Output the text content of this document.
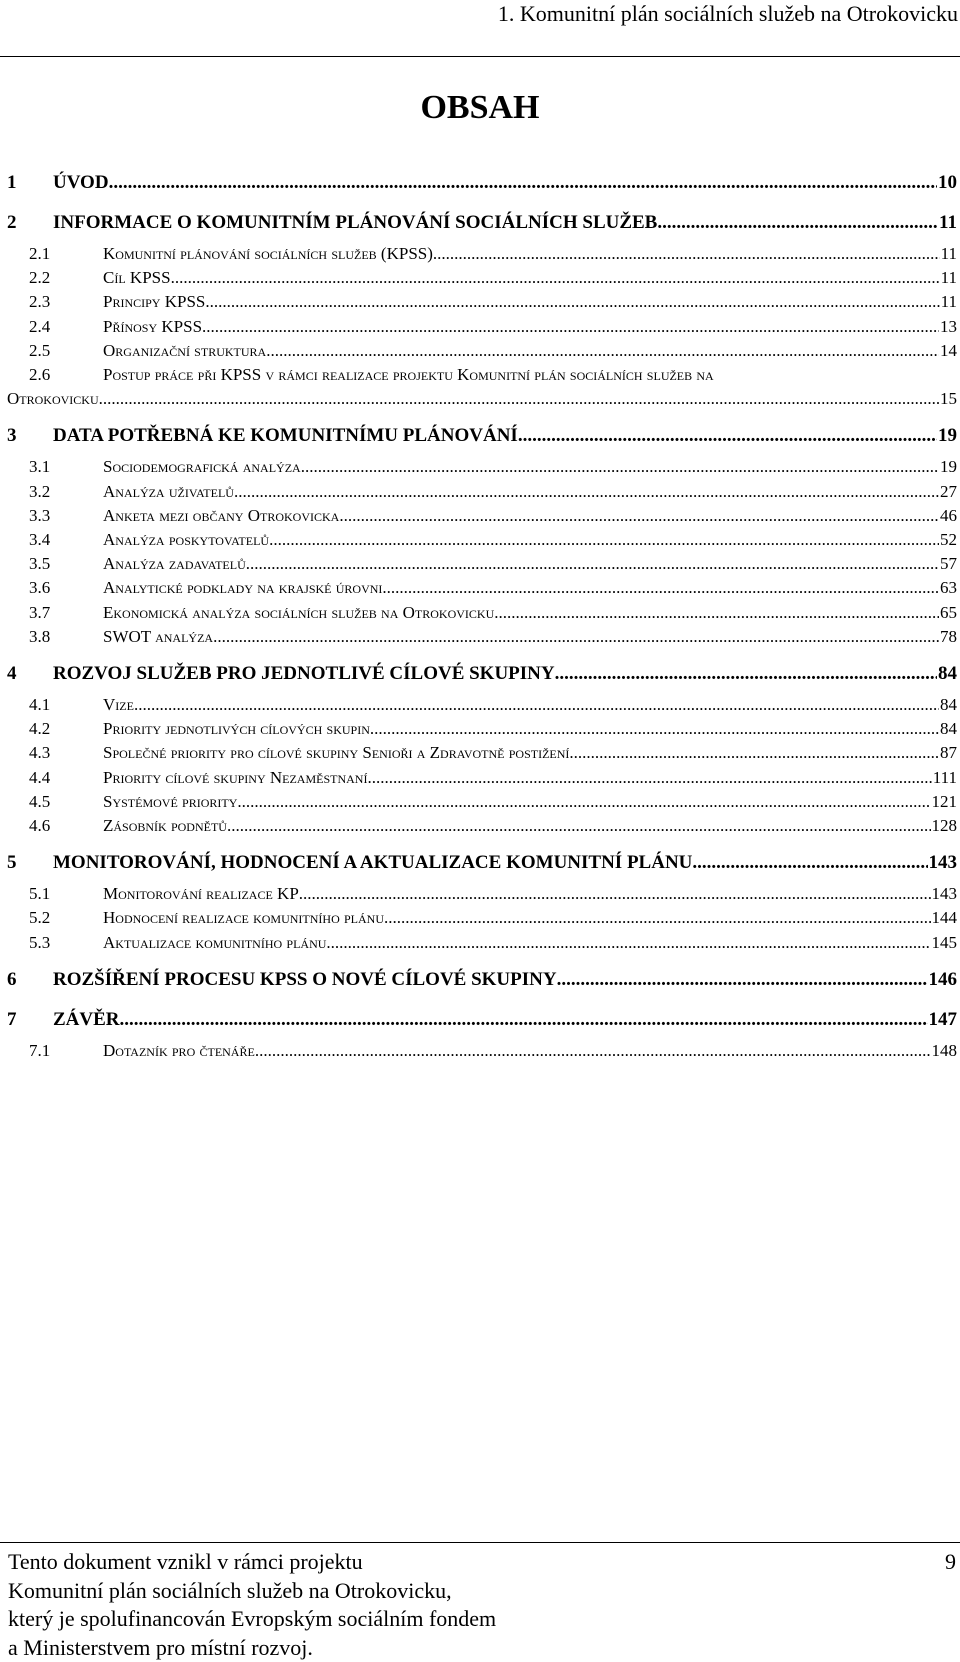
1. Komunitní plán sociálních služeb na Otrokovicku
OBSAH
1	ÚVOD .....	10
2	INFORMACE O KOMUNITNÍM PLÁNOVÁNÍ SOCIÁLNÍCH SLUŽEB .....	11
2.1	Komunitní plánování sociálních služeb (KPSS) .....	11
2.2	Cíl KPSS .....	11
2.3	Principy KPSS .....	11
2.4	Přínosy KPSS .....	13
2.5	Organizační struktura .....	14
2.6	Postup práce při KPSS v rámci realizace projektu Komunitní plán sociálních služeb na
Otrokovicku .....	15
3	DATA POTŘEBNÁ KE KOMUNITNÍMU PLÁNOVÁNÍ .....	19
3.1	Sociodemografická analýza .....	19
3.2	Analýza uživatelů .....	27
3.3	Anketa mezi občany Otrokovicka .....	46
3.4	Analýza poskytovatelů .....	52
3.5	Analýza zadavatelů .....	57
3.6	Analytické podklady na krajské úrovni .....	63
3.7	Ekonomická analýza sociálních služeb na Otrokovicku .....	65
3.8	SWOT analýza .....	78
4	ROZVOJ SLUŽEB PRO JEDNOTLIVÉ CÍLOVÉ SKUPINY .....	84
4.1	Vize .....	84
4.2	Priority jednotlivých cílových skupin .....	84
4.3	Společné priority pro cílové skupiny Senioři a Zdravotně postižení .....	87
4.4	Priority cílové skupiny Nezaměstnaní .....	111
4.5	Systémové priority .....	121
4.6	Zásobník podnětů .....	128
5	MONITOROVÁNÍ, HODNOCENÍ A AKTUALIZACE KOMUNITNÍ PLÁNU .....	143
5.1	Monitorování realizace KP .....	143
5.2	Hodnocení realizace komunitního plánu .....	144
5.3	Aktualizace komunitního plánu .....	145
6	ROZŠÍŘENÍ PROCESU KPSS O NOVÉ CÍLOVÉ SKUPINY .....	146
7	ZÁVĚR .....	147
7.1	Dotazník pro čtenáře .....	148
Tento dokument vznikl v rámci projektu
Komunitní plán sociálních služeb na Otrokovicku,
který je spolufinancován Evropským sociálním fondem
a Ministerstvem pro místní rozvoj.
9
